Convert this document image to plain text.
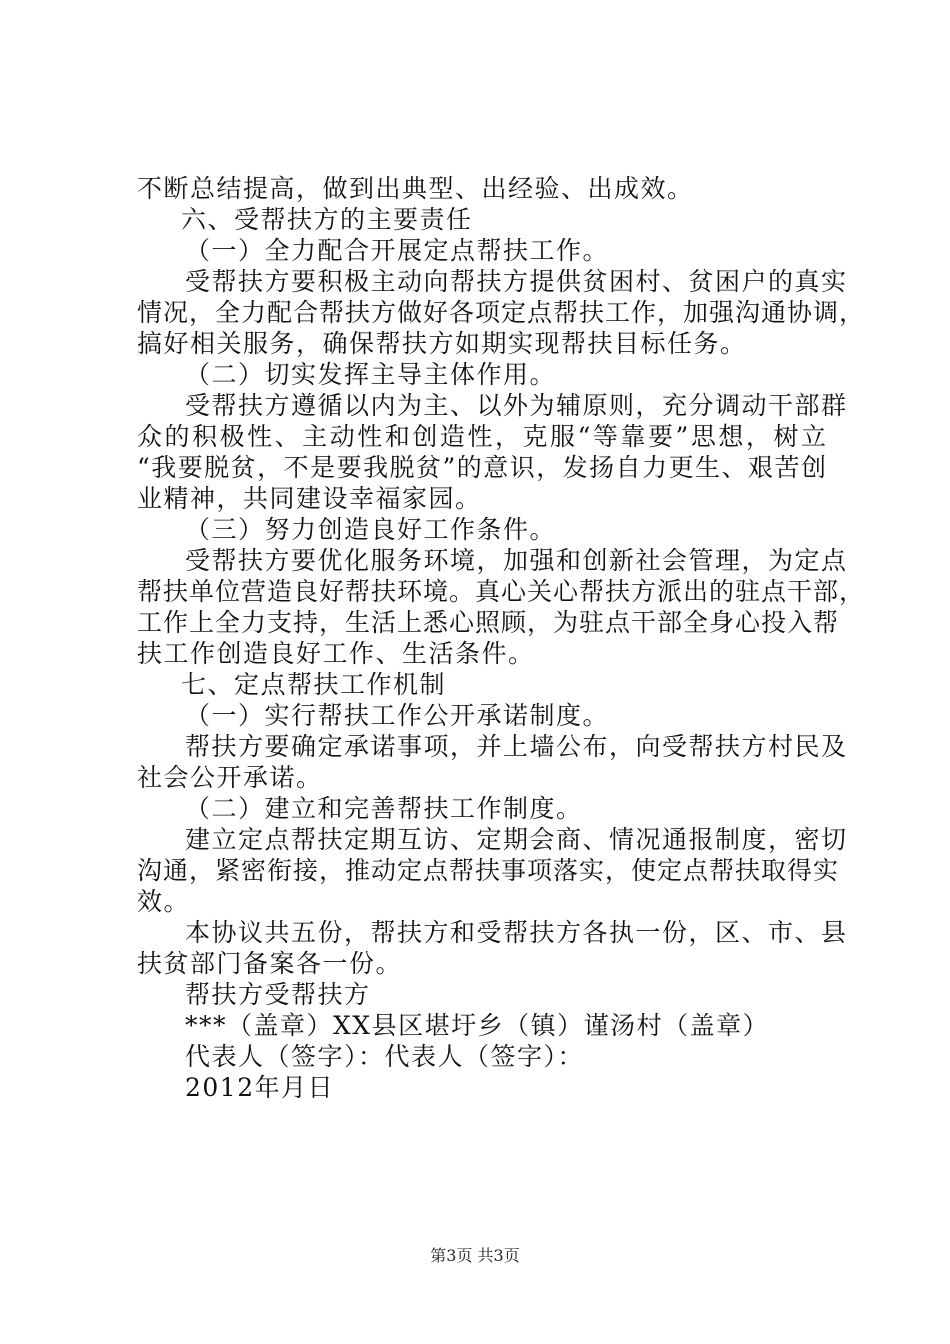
不断总结提高，做到出典型、出经验、出成效。
六、受帮扶方的主要责任
（一）全力配合开展定点帮扶工作。
受帮扶方要积极主动向帮扶方提供贫困村、贫困户的真实
情况，全力配合帮扶方做好各项定点帮扶工作，加强沟通协调，
搞好相关服务，确保帮扶方如期实现帮扶目标任务。
（二）切实发挥主导主体作用。
受帮扶方遵循以内为主、以外为辅原则，充分调动干部群
众的积极性、主动性和创造性，克服“等靠要”思想，树立
“我要脱贫，不是要我脱贫”的意识，发扬自力更生、艰苦创
业精神，共同建设幸福家园。
（三）努力创造良好工作条件。
受帮扶方要优化服务环境，加强和创新社会管理，为定点
帮扶单位营造良好帮扶环境。真心关心帮扶方派出的驻点干部，
工作上全力支持，生活上悉心照顾，为驻点干部全身心投入帮
扶工作创造良好工作、生活条件。
七、定点帮扶工作机制
（一）实行帮扶工作公开承诺制度。
帮扶方要确定承诺事项，并上墙公布，向受帮扶方村民及
社会公开承诺。
（二）建立和完善帮扶工作制度。
建立定点帮扶定期互访、定期会商、情况通报制度，密切
沟通，紧密衔接，推动定点帮扶事项落实，使定点帮扶取得实
效。
本协议共五份，帮扶方和受帮扶方各执一份，区、市、县
扶贫部门备案各一份。
帮扶方受帮扶方
***（盖章）XX县区堪圩乡（镇）谨汤村（盖章）
代表人（签字）：代表人（签字）：
2012年月日
第3页 共3页
